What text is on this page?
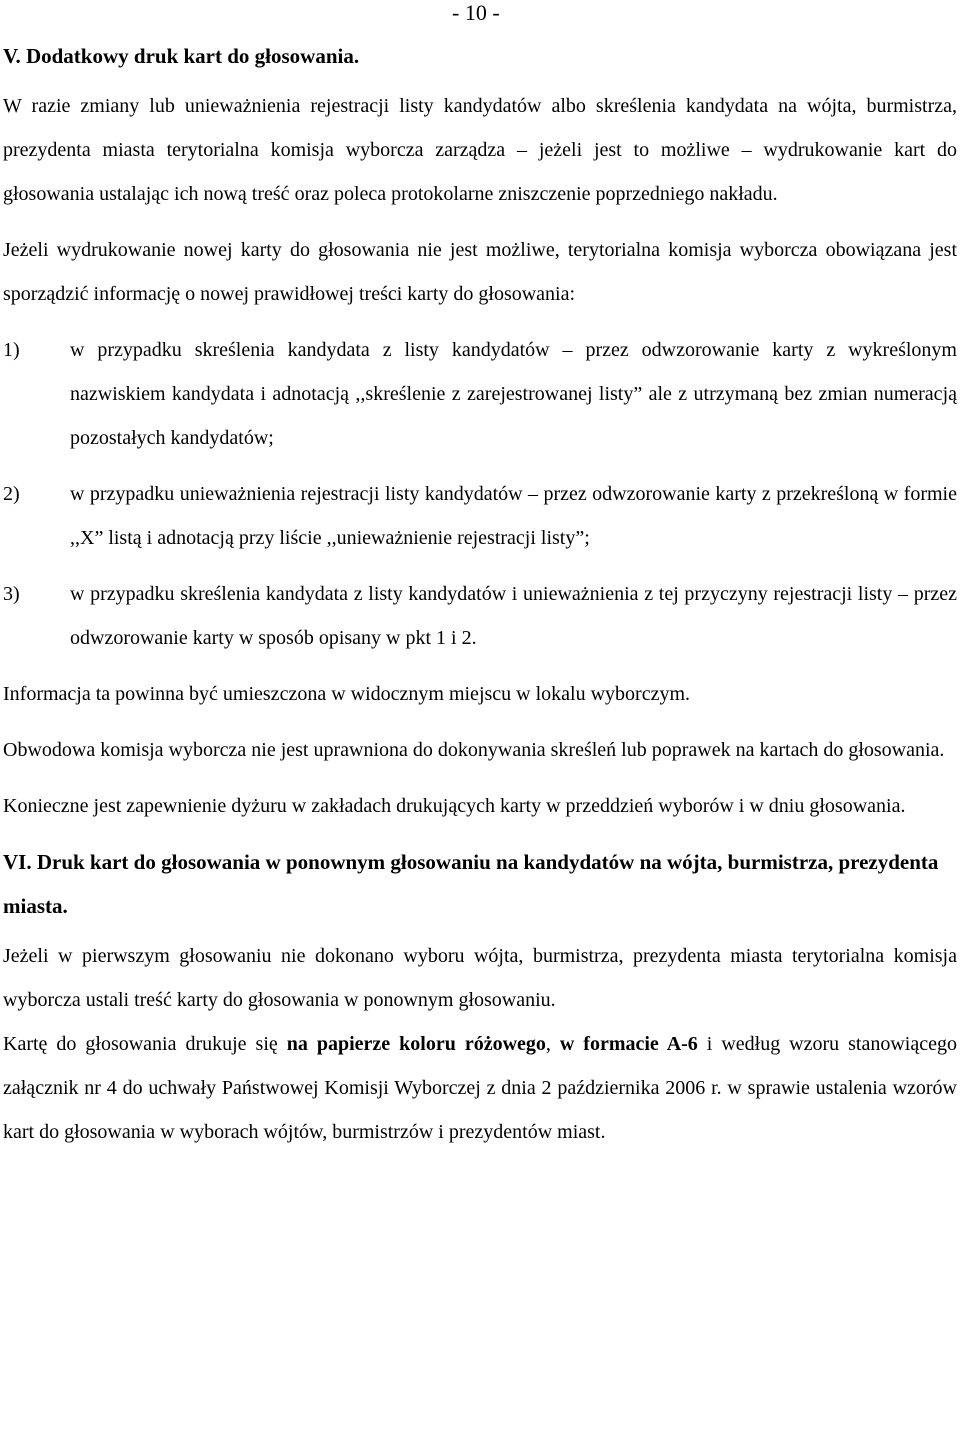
- 10 -
V. Dodatkowy druk kart do głosowania.

W razie zmiany lub unieważnienia rejestracji listy kandydatów albo skreślenia kandydata na wójta, burmistrza, prezydenta miasta terytorialna komisja wyborcza zarządza – jeżeli jest to możliwe – wydrukowanie kart do głosowania ustalając ich nową treść oraz poleca protokolarne zniszczenie poprzedniego nakładu.

Jeżeli wydrukowanie nowej karty do głosowania nie jest możliwe, terytorialna komisja wyborcza obowiązana jest sporządzić informację o nowej prawidłowej treści karty do głosowania:

1)	w przypadku skreślenia kandydata z listy kandydatów – przez odwzorowanie karty z wykreślonym nazwiskiem kandydata i adnotacją ,,skreślenie z zarejestrowanej listy” ale z utrzymaną bez zmian numeracją pozostałych kandydatów;
2)	w przypadku unieważnienia rejestracji listy kandydatów – przez odwzorowanie karty z przekreśloną w formie ,,X” listą i adnotacją przy liście ,,unieważnienie rejestracji listy”;
3)	w przypadku skreślenia kandydata z listy kandydatów i unieważnienia z tej przyczyny rejestracji listy – przez odwzorowanie karty w sposób opisany w pkt 1 i 2.

Informacja ta powinna być umieszczona w widocznym miejscu w lokalu wyborczym.

Obwodowa komisja wyborcza nie jest uprawniona do dokonywania skreśleń lub poprawek na kartach do głosowania.

Konieczne jest zapewnienie dyżuru w zakładach drukujących karty w przeddzień wyborów i w dniu głosowania.

VI. Druk kart do głosowania w ponownym głosowaniu na kandydatów na wójta, burmistrza, prezydenta miasta.

Jeżeli w pierwszym głosowaniu nie dokonano wyboru wójta, burmistrza, prezydenta miasta terytorialna komisja wyborcza ustali treść karty do głosowania w ponownym głosowaniu.

Kartę do głosowania drukuje się na papierze koloru różowego, w formacie A-6 i według wzoru stanowiącego załącznik nr 4 do uchwały Państwowej Komisji Wyborczej z dnia 2 października 2006 r. w sprawie ustalenia wzorów kart do głosowania w wyborach wójtów, burmistrzów i prezydentów miast.
